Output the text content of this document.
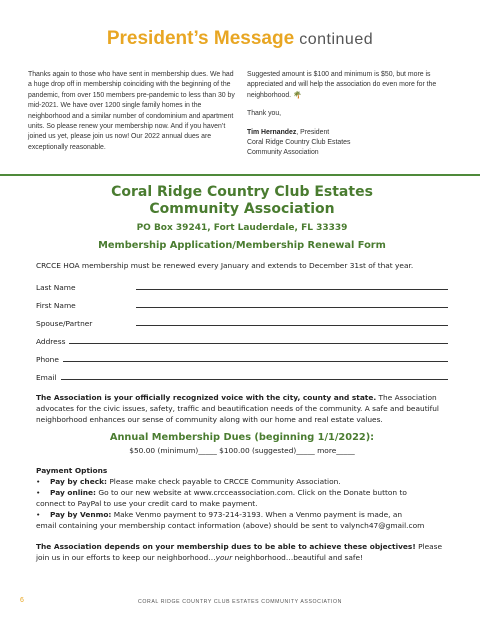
President’s Message continued

Thanks again to those who have sent in membership dues. We had a huge drop off in membership coinciding with the beginning of the pandemic, from over 150 members pre-pandemic to less than 30 by mid-2021. We have over 1200 single family homes in the neighborhood and a similar number of condominium and apartment units. So please renew your membership now. And if you haven’t joined us yet, please join us now! Our 2022 annual dues are exceptionally reasonable.

Suggested amount is $100 and minimum is $50, but more is appreciated and will help the association do even more for the neighborhood. 🌴

Thank you,

Tim Hernandez, President
Coral Ridge Country Club Estates
Community Association
Coral Ridge Country Club Estates
Community Association
PO Box 39241, Fort Lauderdale, FL 33339
Membership Application/Membership Renewal Form
CRCCE HOA membership must be renewed every January and extends to December 31st of that year.
Last Name
First Name
Spouse/Partner
Address
Phone
Email
The Association is your officially recognized voice with the city, county and state. The Association advocates for the civic issues, safety, traffic and beautification needs of the community. A safe and beautiful neighborhood enhances our sense of community along with our home and real estate values.
Annual Membership Dues (beginning 1/1/2022):
$50.00 (minimum)_____ $100.00 (suggested)_____ more_____
Payment Options
•	Pay by check: Please make check payable to CRCCE Community Association.
•	Pay online: Go to our new website at www.crcceassociation.com. Click on the Donate button to
connect to PayPal to use your credit card to make payment.
•	Pay by Venmo: Make Venmo payment to 973-214-3193. When a Venmo payment is made, an
email containing your membership contact information (above) should be sent to valynch47@gmail.com
The Association depends on your membership dues to be able to achieve these objectives! Please join us in our efforts to keep our neighborhood…your neighborhood…beautiful and safe!
6	CORAL RIDGE COUNTRY CLUB ESTATES COMMUNITY ASSOCIATION
